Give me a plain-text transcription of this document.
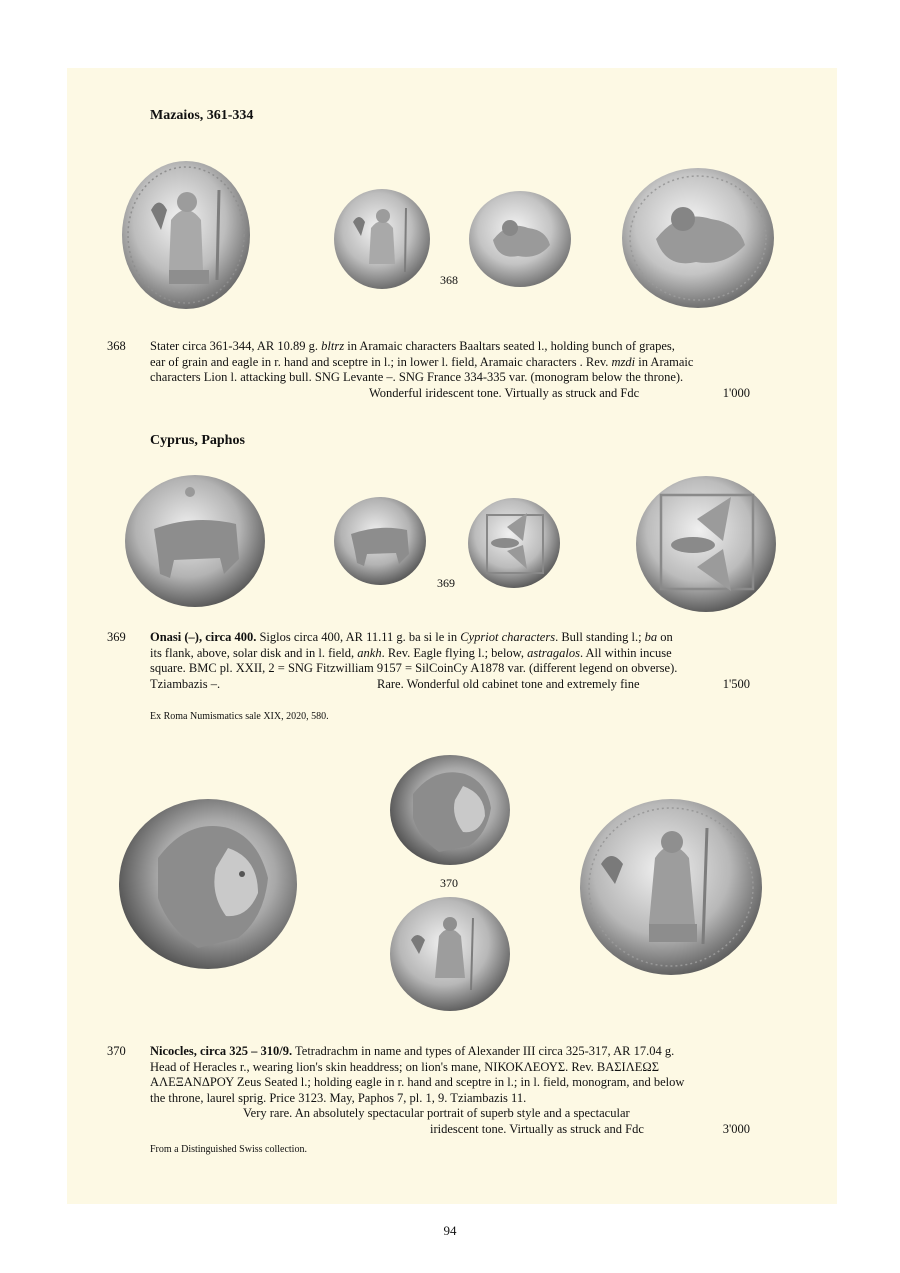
Mazaios, 361-334
368
368 Stater circa 361-344, AR 10.89 g. bltrz in Aramaic characters Baaltars seated l., holding bunch of grapes,
ear of grain and eagle in r. hand and sceptre in l.; in lower l. field, Aramaic characters . Rev. mzdi in Aramaic
characters Lion l. attacking bull. SNG Levante –. SNG France 334-335 var. (monogram below the throne).
Wonderful iridescent tone. Virtually as struck and Fdc	1'000
Cyprus, Paphos
369
369 Onasi (–), circa 400. Siglos circa 400, AR 11.11 g. ba si le in Cypriot characters. Bull standing l.; ba on
its flank, above, solar disk and in l. field, ankh. Rev. Eagle flying l.; below, astragalos. All within incuse
square. BMC pl. XXII, 2 = SNG Fitzwilliam 9157 = SilCoinCy A1878 var. (different legend on obverse).
Tziambazis –.	Rare. Wonderful old cabinet tone and extremely fine	1'500
Ex Roma Numismatics sale XIX, 2020, 580.
370
370 Nicocles, circa 325 – 310/9. Tetradrachm in name and types of Alexander III circa 325-317, AR 17.04 g.
Head of Heracles r., wearing lion's skin headdress; on lion's mane, ΝΙΚΟΚΛΕΟΥΣ. Rev. ΒΑΣΙΛΕΩΣ
ΑΛΕΞΑΝΔΡΟΥ Zeus Seated l.; holding eagle in r. hand and sceptre in l.; in l. field, monogram, and below
the throne, laurel sprig. Price 3123. May, Paphos 7, pl. 1, 9. Tziambazis 11.
Very rare. An absolutely spectacular portrait of superb style and a spectacular
iridescent tone. Virtually as struck and Fdc	3'000
From a Distinguished Swiss collection.
94
